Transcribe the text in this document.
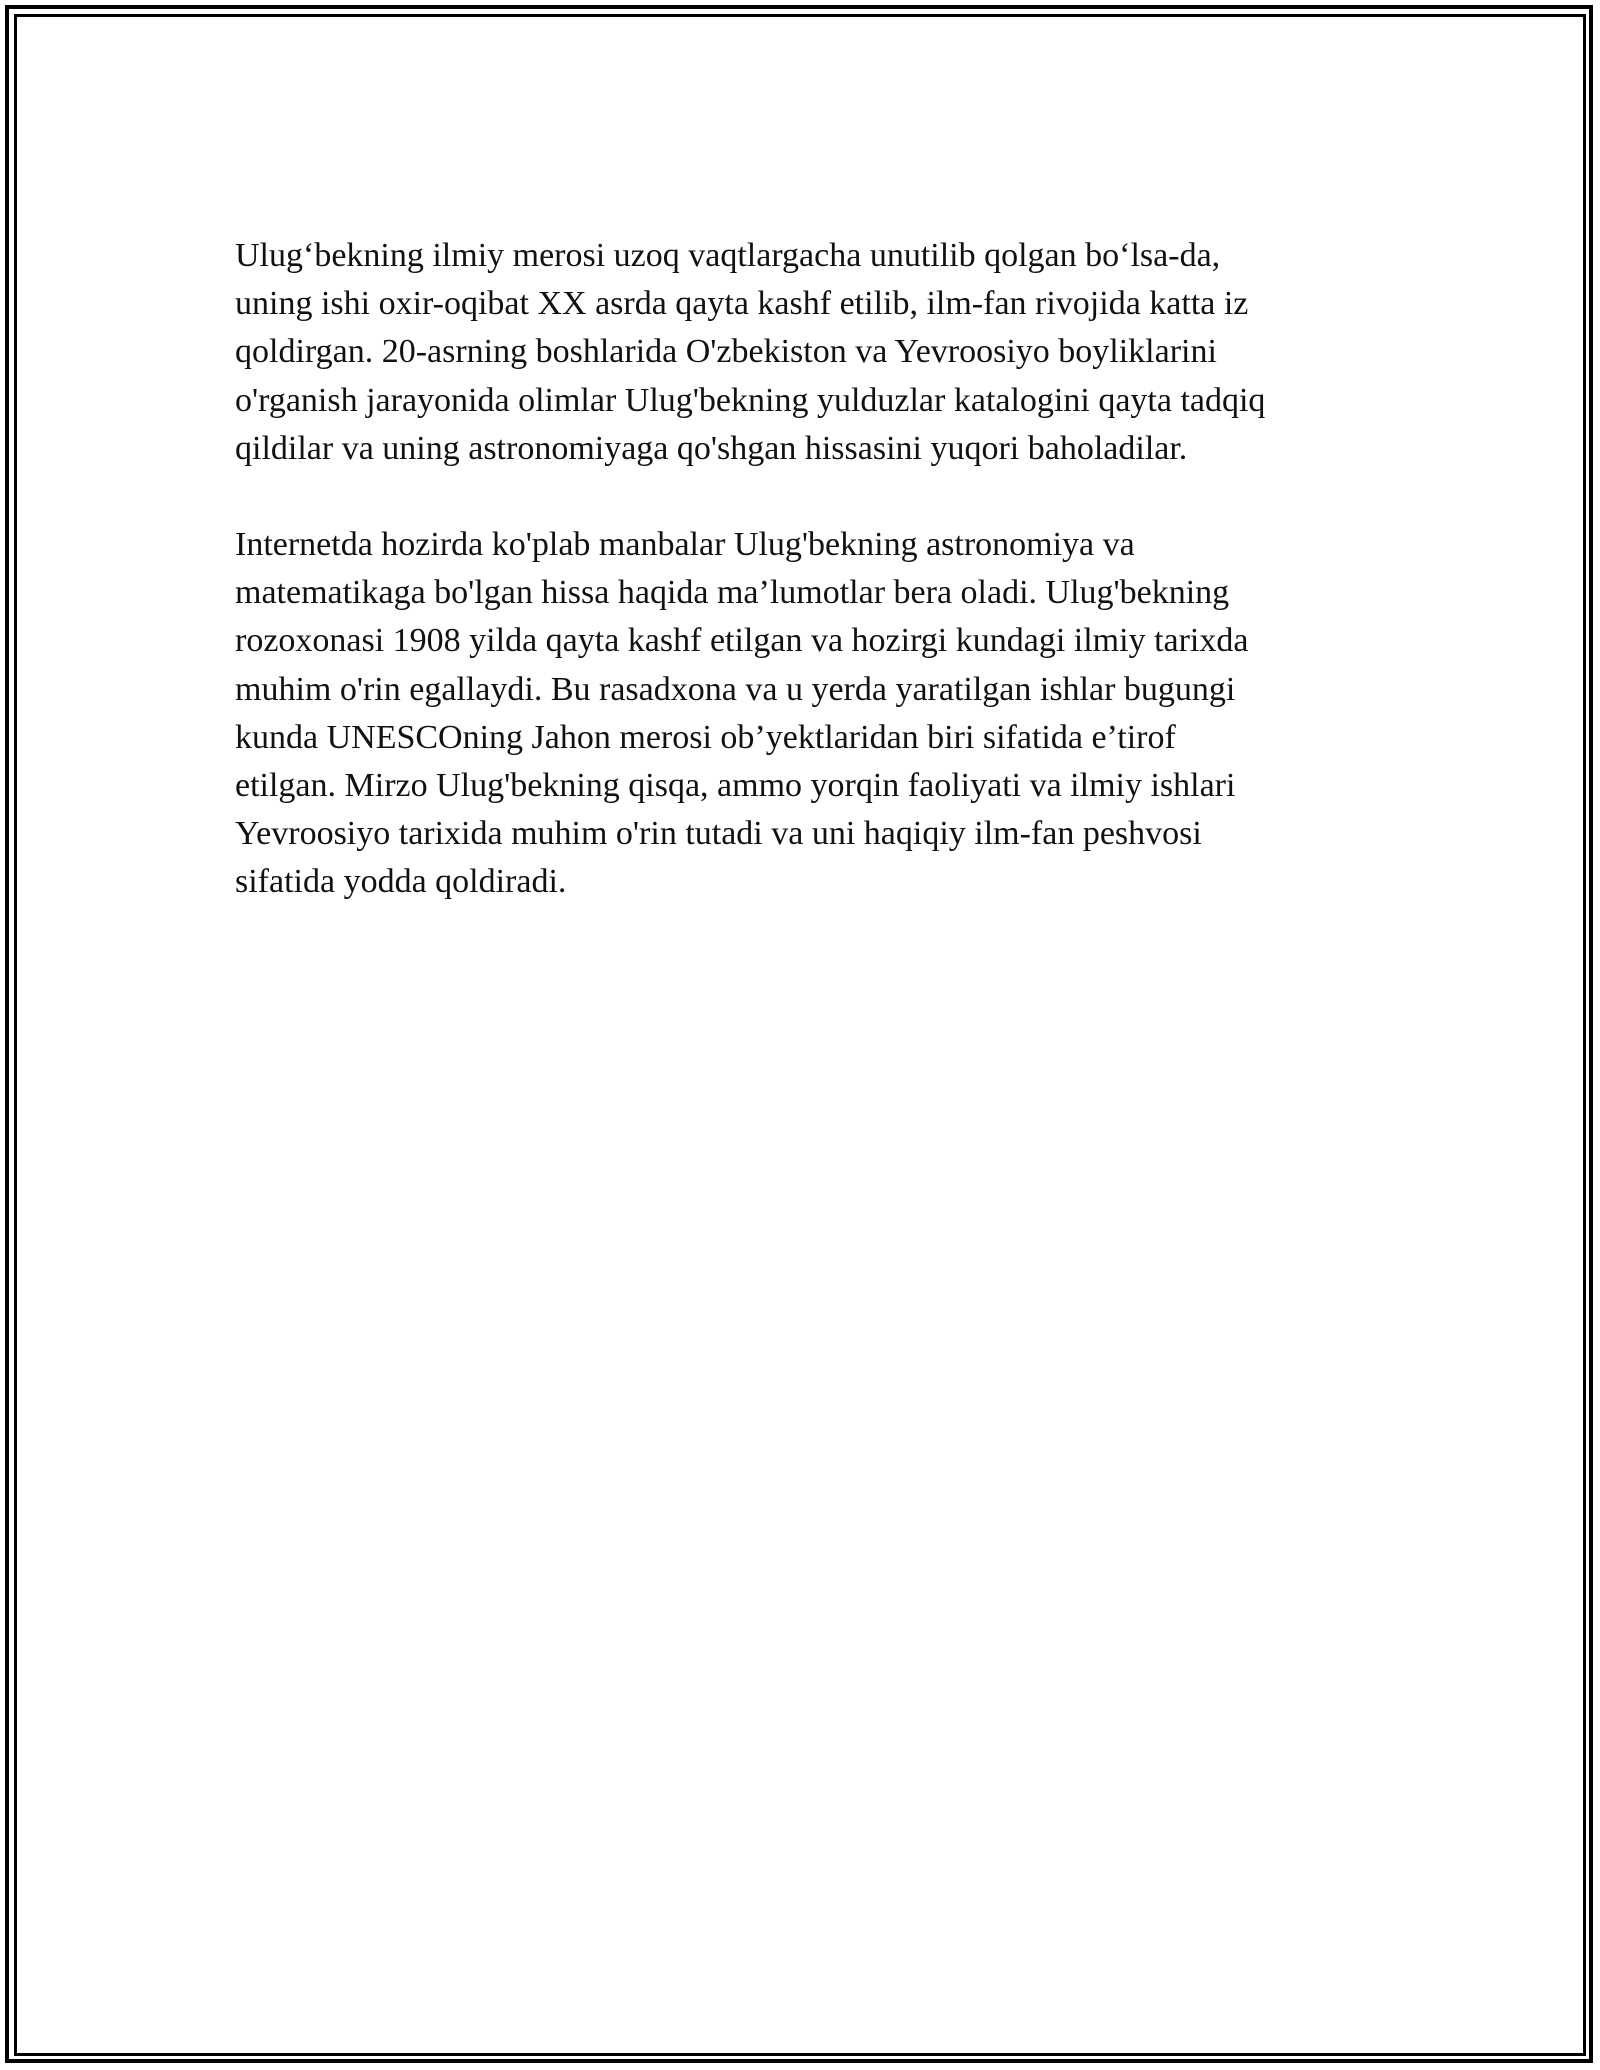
Ulug‘bekning ilmiy merosi uzoq vaqtlargacha unutilib qolgan bo‘lsa-da,
uning ishi oxir-oqibat XX asrda qayta kashf etilib, ilm-fan rivojida katta iz
qoldirgan. 20-asrning boshlarida O'zbekiston va Yevroosiyo boyliklarini
o'rganish jarayonida olimlar Ulug'bekning yulduzlar katalogini qayta tadqiq
qildilar va uning astronomiyaga qo'shgan hissasini yuqori baholadilar.

Internetda hozirda ko'plab manbalar Ulug'bekning astronomiya va
matematikaga bo'lgan hissa haqida ma’lumotlar bera oladi. Ulug'bekning
rozoxonasi 1908 yilda qayta kashf etilgan va hozirgi kundagi ilmiy tarixda
muhim o'rin egallaydi. Bu rasadxona va u yerda yaratilgan ishlar bugungi
kunda UNESCOning Jahon merosi ob’yektlaridan biri sifatida e’tirof
etilgan. Mirzo Ulug'bekning qisqa, ammo yorqin faoliyati va ilmiy ishlari
Yevroosiyo tarixida muhim o'rin tutadi va uni haqiqiy ilm-fan peshvosi
sifatida yodda qoldiradi.
